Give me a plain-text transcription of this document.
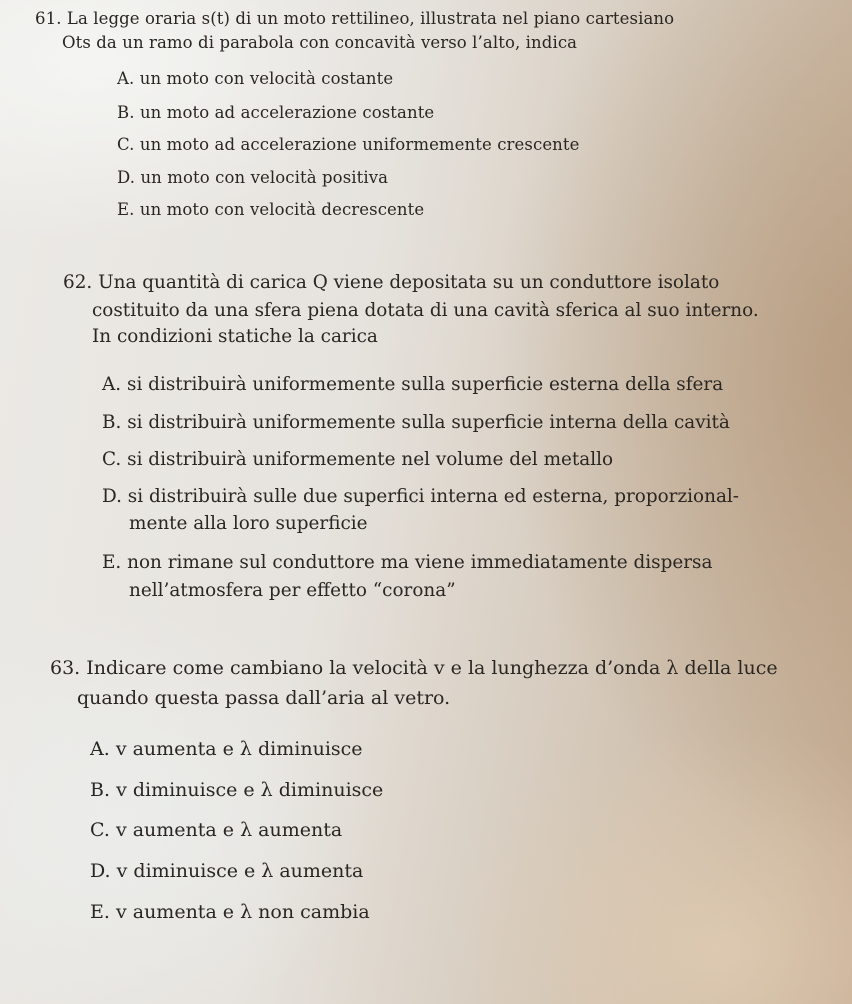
61. La legge oraria s(t) di un moto rettilineo, illustrata nel piano cartesiano
Ots da un ramo di parabola con concavità verso l’alto, indica
A. un moto con velocità costante
B. un moto ad accelerazione costante
C. un moto ad accelerazione uniformemente crescente
D. un moto con velocità positiva
E. un moto con velocità decrescente
62. Una quantità di carica Q viene depositata su un conduttore isolato
costituito da una sfera piena dotata di una cavità sferica al suo interno.
In condizioni statiche la carica
A. si distribuirà uniformemente sulla superficie esterna della sfera
B. si distribuirà uniformemente sulla superficie interna della cavità
C. si distribuirà uniformemente nel volume del metallo
D. si distribuirà sulle due superfici interna ed esterna, proporzional-
mente alla loro superficie
E. non rimane sul conduttore ma viene immediatamente dispersa
nell’atmosfera per effetto “corona”
63. Indicare come cambiano la velocità v e la lunghezza d’onda λ della luce
quando questa passa dall’aria al vetro.
A. v aumenta e λ diminuisce
B. v diminuisce e λ diminuisce
C. v aumenta e λ aumenta
D. v diminuisce e λ aumenta
E. v aumenta e λ non cambia
